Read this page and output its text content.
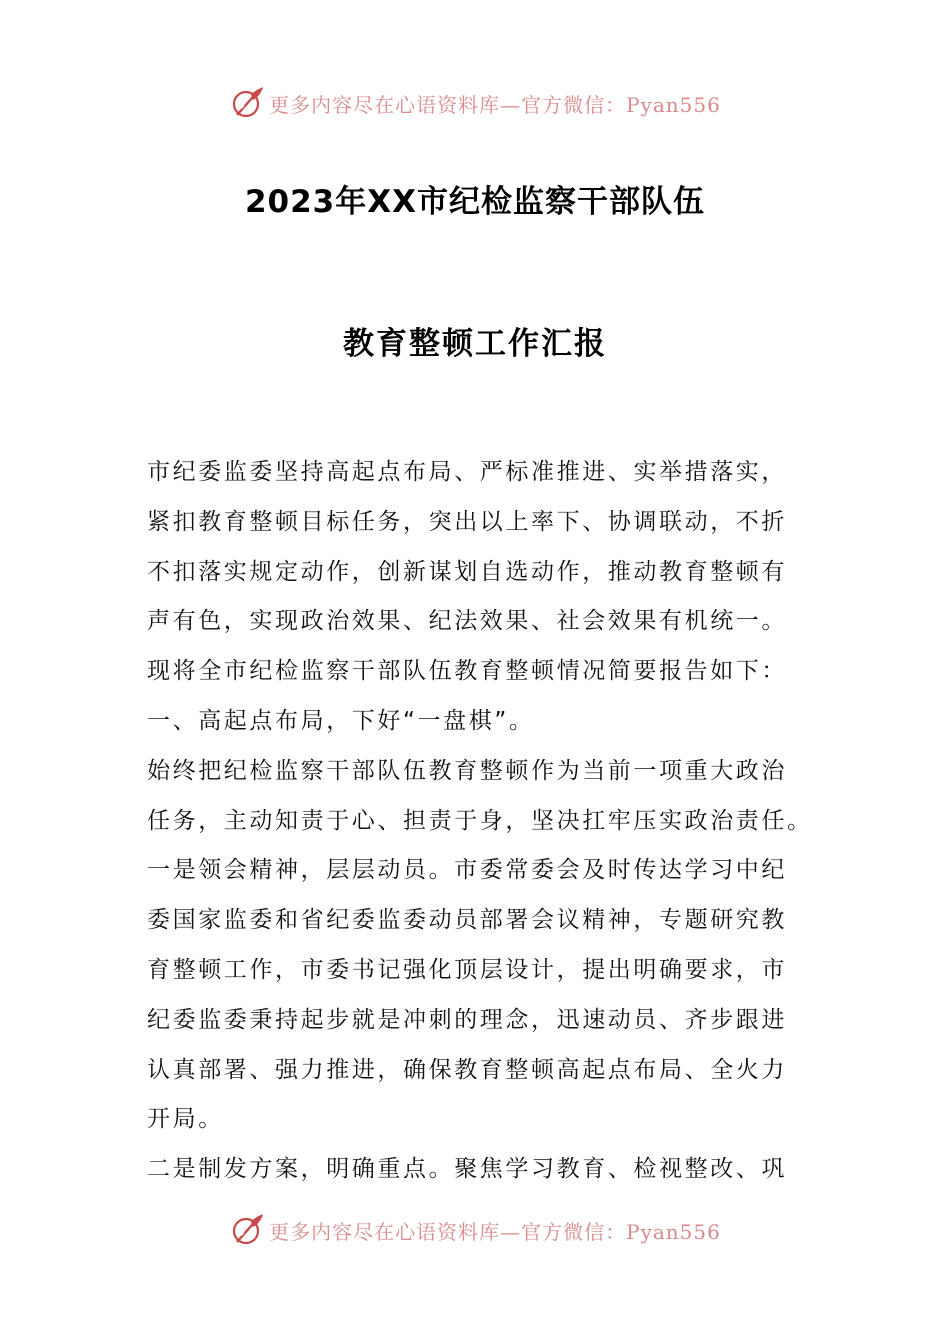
更多内容尽在心语资料库—官方微信：Pyan556
2023年XX市纪检监察干部队伍
教育整顿工作汇报
市纪委监委坚持高起点布局、严标准推进、实举措落实，
紧扣教育整顿目标任务，突出以上率下、协调联动，不折
不扣落实规定动作，创新谋划自选动作，推动教育整顿有
声有色，实现政治效果、纪法效果、社会效果有机统一。
现将全市纪检监察干部队伍教育整顿情况简要报告如下：
一、高起点布局，下好“一盘棋”。
始终把纪检监察干部队伍教育整顿作为当前一项重大政治
任务，主动知责于心、担责于身，坚决扛牢压实政治责任。
一是领会精神，层层动员。市委常委会及时传达学习中纪
委国家监委和省纪委监委动员部署会议精神，专题研究教
育整顿工作，市委书记强化顶层设计，提出明确要求，市
纪委监委秉持起步就是冲刺的理念，迅速动员、齐步跟进
认真部署、强力推进，确保教育整顿高起点布局、全火力
开局。
二是制发方案，明确重点。聚焦学习教育、检视整改、巩
更多内容尽在心语资料库—官方微信：Pyan556
